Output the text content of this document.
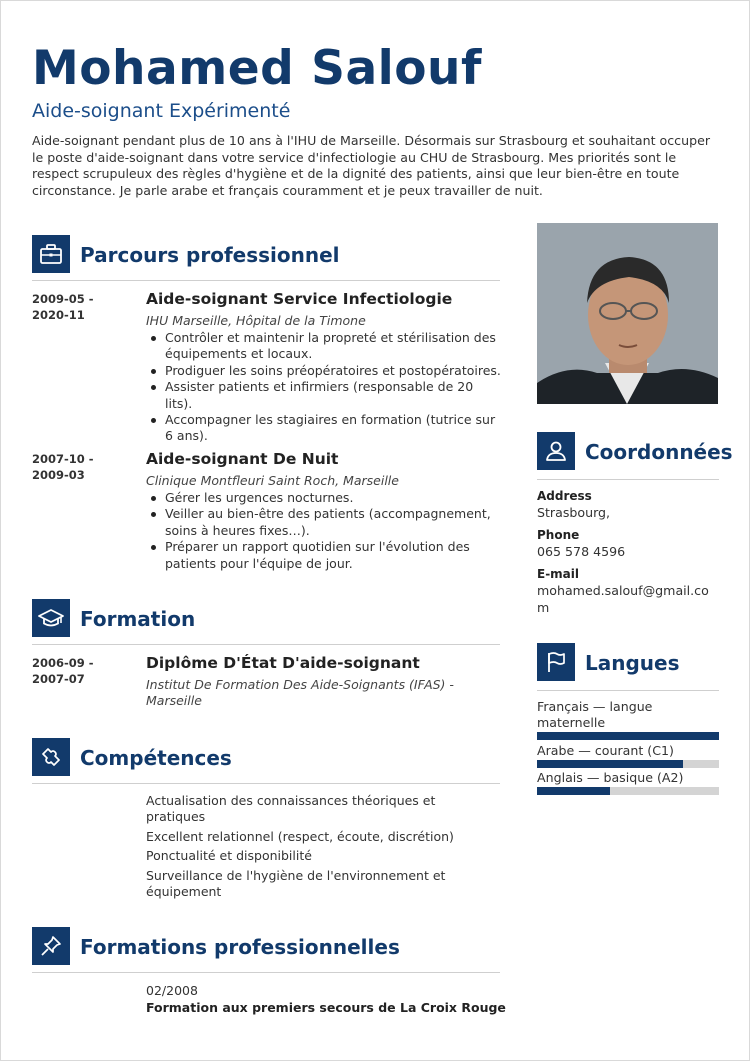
Mohamed Salouf
Aide-soignant Expérimenté

Aide-soignant pendant plus de 10 ans à l'IHU de Marseille. Désormais sur Strasbourg et souhaitant occuper le poste d'aide-soignant dans votre service d'infectiologie au CHU de Strasbourg. Mes priorités sont le respect scrupuleux des règles d'hygiène et de la dignité des patients, ainsi que leur bien-être en toute circonstance. Je parle arabe et français couramment et je peux travailler de nuit.

Parcours professionnel
2009-05 - 2020-11
Aide-soignant Service Infectiologie
IHU Marseille, Hôpital de la Timone
Contrôler et maintenir la propreté et stérilisation des équipements et locaux.
Prodiguer les soins préopératoires et postopératoires.
Assister patients et infirmiers (responsable de 20 lits).
Accompagner les stagiaires en formation (tutrice sur 6 ans).
2007-10 - 2009-03
Aide-soignant De Nuit
Clinique Montfleuri Saint Roch, Marseille
Gérer les urgences nocturnes.
Veiller au bien-être des patients (accompagnement, soins à heures fixes…).
Préparer un rapport quotidien sur l'évolution des patients pour l'équipe de jour.
Formation
2006-09 - 2007-07
Diplôme D'État D'aide-soignant
Institut De Formation Des Aide-Soignants (IFAS) - Marseille
Compétences
Actualisation des connaissances théoriques et pratiques
Excellent relationnel (respect, écoute, discrétion)
Ponctualité et disponibilité
Surveillance de l'hygiène de l'environnement et équipement
Formations professionnelles
02/2008
Formation aux premiers secours de La Croix Rouge
Coordonnées
Address
Strasbourg,
Phone
065 578 4596
E-mail
mohamed.salouf@gmail.com
Langues
Français — langue maternelle
Arabe — courant (C1)
Anglais — basique (A2)
